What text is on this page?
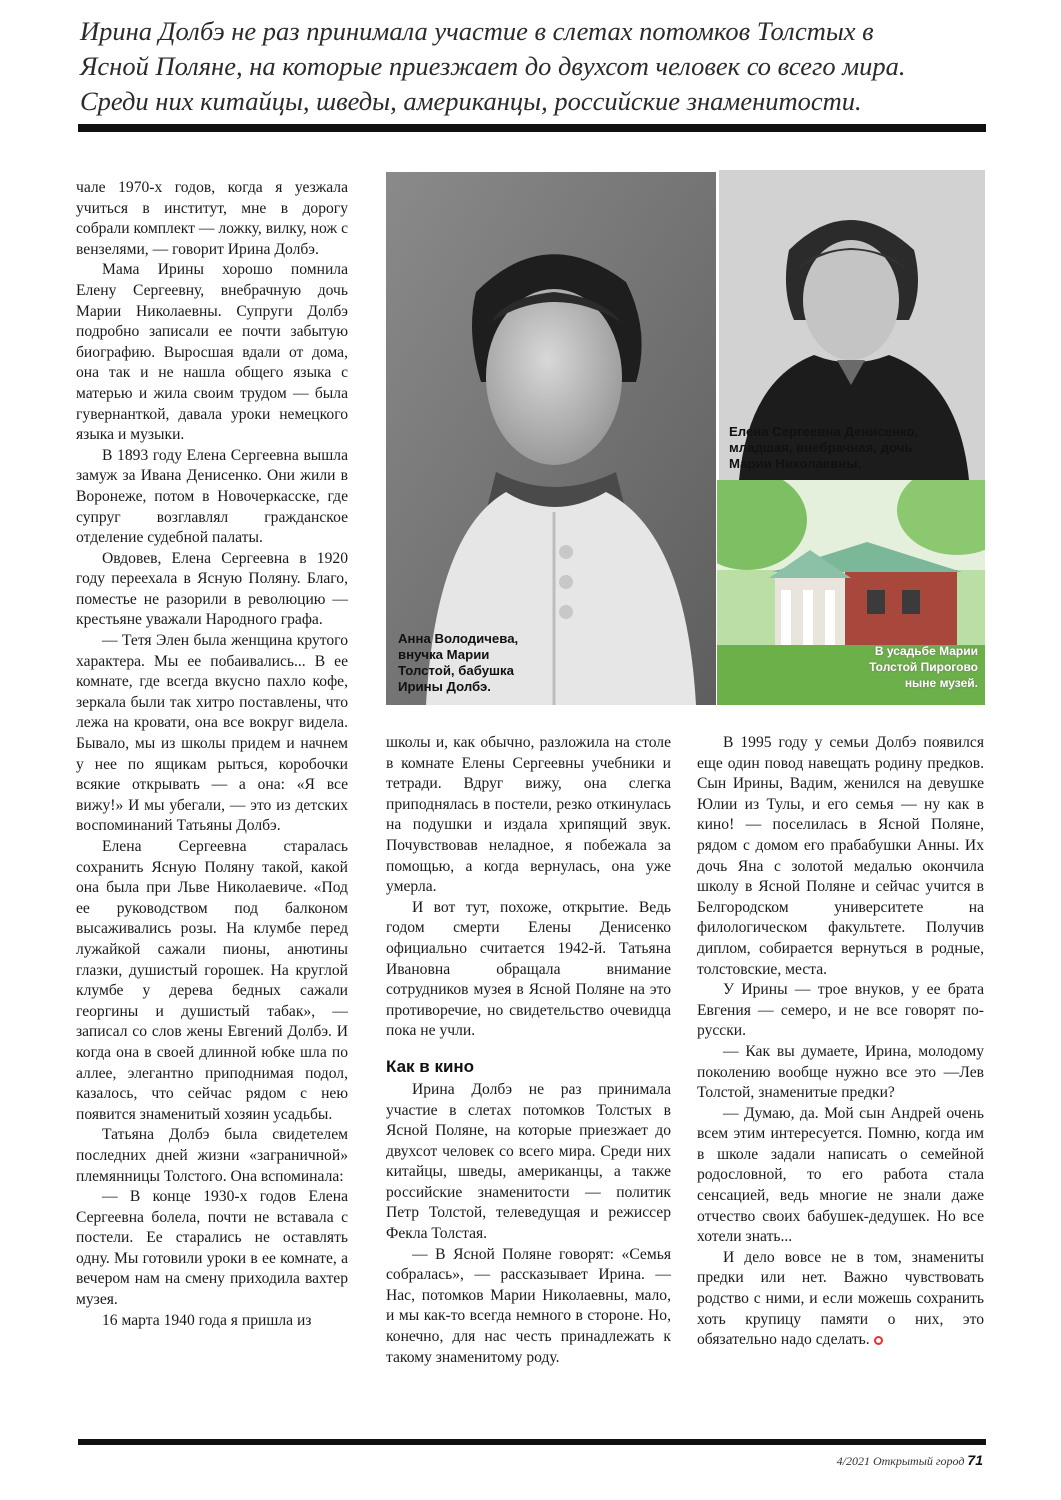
Ирина Долбэ не раз принимала участие в слетах потомков Толстых в

Ясной Поляне, на которые приезжает до двухсот человек со всего мира.

Среди них китайцы, шведы, американцы, российские знаменитости.

чале 1970-х годов, когда я уезжала учиться в институт, мне в дорогу собрали комплект — ложку, вилку, нож с вензелями, — говорит Ирина Долбэ.

Мама Ирины хорошо помнила Елену Сергеевну, внебрачную дочь Марии Николаевны. Супруги Долбэ подробно записали ее почти забытую биографию. Выросшая вдали от дома, она так и не нашла общего языка с матерью и жила своим трудом — была гувернанткой, давала уроки немецкого языка и музыки.

В 1893 году Елена Сергеевна вышла замуж за Ивана Денисенко. Они жили в Воронеже, потом в Новочеркасске, где супруг возглавлял гражданское отделение судебной палаты.

Овдовев, Елена Сергеевна в 1920 году переехала в Ясную Поляну. Благо, поместье не разорили в революцию — крестьяне уважали Народного графа.

— Тетя Элен была женщина крутого характера. Мы ее побаивались... В ее комнате, где всегда вкусно пахло кофе, зеркала были так хитро поставлены, что лежа на кровати, она все вокруг видела. Бывало, мы из школы придем и начнем у нее по ящикам рыться, коробочки всякие открывать — а она: «Я все вижу!» И мы убегали, — это из детских воспоминаний Татьяны Долбэ.

Елена Сергеевна старалась сохранить Ясную Поляну такой, какой она была при Льве Николаевиче. «Под ее руководством под балконом высаживались розы. На клумбе перед лужайкой сажали пионы, анютины глазки, душистый горошек. На круглой клумбе у дерева бедных сажали георгины и душистый табак», — записал со слов жены Евгений Долбэ. И когда она в своей длинной юбке шла по аллее, элегантно приподнимая подол, казалось, что сейчас рядом с нею появится знаменитый хозяин усадьбы.

Татьяна Долбэ была свидетелем последних дней жизни «заграничной» племянницы Толстого. Она вспоминала:

— В конце 1930-х годов Елена Сергеевна болела, почти не вставала с постели. Ее старались не оставлять одну. Мы готовили уроки в ее комнате, а вечером нам на смену приходила вахтер музея.

16 марта 1940 года я пришла из

Анна Володичева,
внучка Марии
Толстой, бабушка
Ирины Долбэ.
Елена Сергеевна Денисенко,
младшая, внебрачная, дочь
Марии Николаевны.
В усадьбе Марии
Толстой Пирогово
ныне музей.

школы и, как обычно, разложила на столе в комнате Елены Сергеевны учебники и тетради. Вдруг вижу, она слегка приподнялась в постели, резко откинулась на подушки и издала хрипящий звук. Почувствовав неладное, я побежала за помощью, а когда вернулась, она уже умерла.

И вот тут, похоже, открытие. Ведь годом смерти Елены Денисенко официально считается 1942-й. Татьяна Ивановна обращала внимание сотрудников музея в Ясной Поляне на это противоречие, но свидетельство очевидца пока не учли.

Как в кино

Ирина Долбэ не раз принимала участие в слетах потомков Толстых в Ясной Поляне, на которые приезжает до двухсот человек со всего мира. Среди них китайцы, шведы, американцы, а также российские знаменитости — политик Петр Толстой, телеведущая и режиссер Фекла Толстая.

— В Ясной Поляне говорят: «Семья собралась», — рассказывает Ирина. — Нас, потомков Марии Николаевны, мало, и мы как-то всегда немного в стороне. Но, конечно, для нас честь принадлежать к такому знаменитому роду.

В 1995 году у семьи Долбэ появился еще один повод навещать родину предков. Сын Ирины, Вадим, женился на девушке Юлии из Тулы, и его семья — ну как в кино! — поселилась в Ясной Поляне, рядом с домом его прабабушки Анны. Их дочь Яна с золотой медалью окончила школу в Ясной Поляне и сейчас учится в Белгородском университете на филологическом факультете. Получив диплом, собирается вернуться в родные, толстовские, места.

У Ирины — трое внуков, у ее брата Евгения — семеро, и не все говорят по-русски.

— Как вы думаете, Ирина, молодому поколению вообще нужно все это —Лев Толстой, знаменитые предки?

— Думаю, да. Мой сын Андрей очень всем этим интересуется. Помню, когда им в школе задали написать о семейной родословной, то его работа стала сенсацией, ведь многие не знали даже отчество своих бабушек-дедушек. Но все хотели знать...

И дело вовсе не в том, знамениты предки или нет. Важно чувствовать родство с ними, и если можешь сохранить хоть крупицу памяти о них, это обязательно надо сделать.

4/2021 Открытый город 71
